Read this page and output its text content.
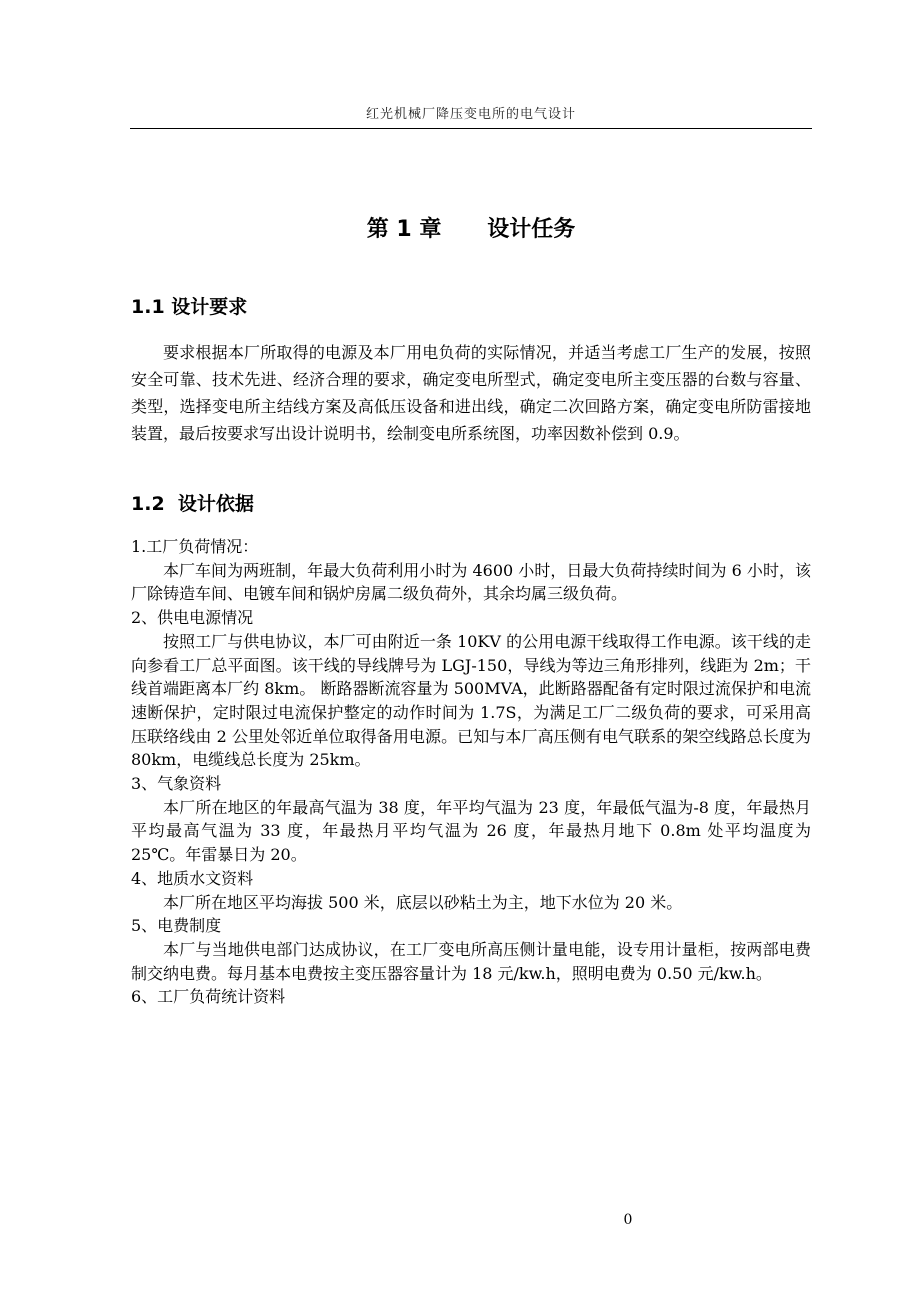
红光机械厂降压变电所的电气设计
第 1 章      设计任务
1.1 设计要求

要求根据本厂所取得的电源及本厂用电负荷的实际情况，并适当考虑工厂生产的发展，按照安全可靠、技术先进、经济合理的要求，确定变电所型式，确定变电所主变压器的台数与容量、类型，选择变电所主结线方案及高低压设备和进出线，确定二次回路方案，确定变电所防雷接地装置，最后按要求写出设计说明书，绘制变电所系统图，功率因数补偿到 0.9。

1.2  设计依据

1.工厂负荷情况：

本厂车间为两班制，年最大负荷利用小时为 4600 小时，日最大负荷持续时间为 6 小时，该厂除铸造车间、电镀车间和锅炉房属二级负荷外，其余均属三级负荷。

2、供电电源情况

按照工厂与供电协议，本厂可由附近一条 10KV 的公用电源干线取得工作电源。该干线的走向参看工厂总平面图。该干线的导线牌号为 LGJ-150，导线为等边三角形排列，线距为 2m；干线首端距离本厂约 8km。 断路器断流容量为 500MVA，此断路器配备有定时限过流保护和电流速断保护，定时限过电流保护整定的动作时间为 1.7S，为满足工厂二级负荷的要求，可采用高压联络线由 2 公里处邻近单位取得备用电源。已知与本厂高压侧有电气联系的架空线路总长度为 80km，电缆线总长度为 25km。

3、气象资料

本厂所在地区的年最高气温为 38 度，年平均气温为 23 度，年最低气温为-8 度，年最热月平均最高气温为 33 度，年最热月平均气温为 26 度，年最热月地下 0.8m 处平均温度为 25℃。年雷暴日为 20。

4、地质水文资料

本厂所在地区平均海拔 500 米，底层以砂粘土为主，地下水位为 20 米。

5、电费制度

本厂与当地供电部门达成协议，在工厂变电所高压侧计量电能，设专用计量柜，按两部电费制交纳电费。每月基本电费按主变压器容量计为 18 元/kw.h，照明电费为 0.50 元/kw.h。

6、工厂负荷统计资料

0
